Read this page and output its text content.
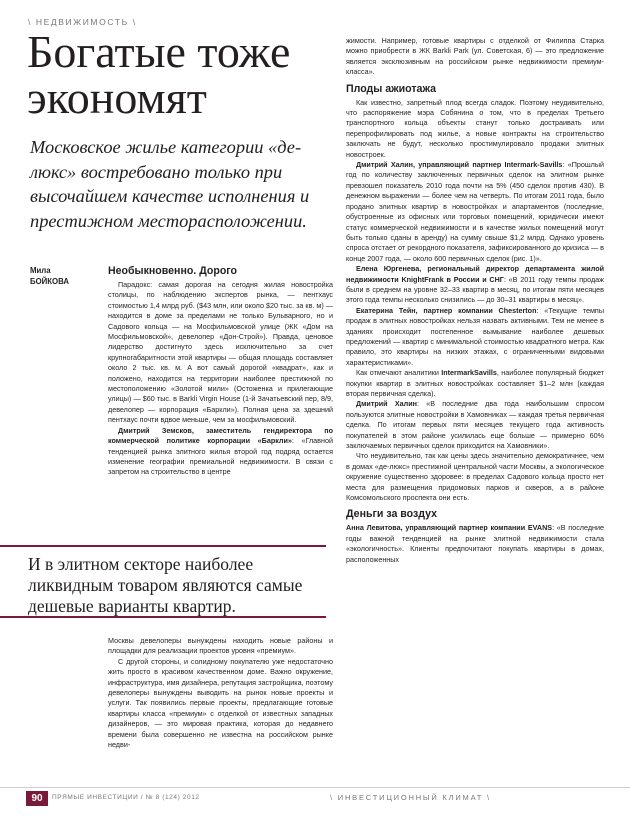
\ НЕДВИЖИМОСТЬ \
Богатые тоже
экономят
Московское жилье категории «де-люкс» востребовано только при высочайшем качестве исполнения и престижном месторасположении.
Мила
БОЙКОВА
Необыкновенно. Дорого

Парадокс: самая дорогая на сегодня жилая новостройка столицы, по наблюдению экспертов рынка, — пентхаус стоимостью 1,4 млрд руб. ($43 млн, или около $20 тыс. за кв. м) — находится в доме за пределами не только Бульварного, но и Садового кольца — на Мосфильмовской улице (ЖК «Дом на Мосфильмовской», девелопер «Дон-Строй»). Правда, ценовое лидерство достигнуто здесь исключительно за счет крупногабаритности этой квартиры — общая площадь составляет около 2 тыс. кв. м. А вот самый дорогой «квадрат», как и положено, находится на территории наиболее престижной по местоположению «Золотой мили» (Остоженка и прилегающие улицы) — $60 тыс. в Barkli Virgin House (1-й Зачатьевский пер, 8/9, девелопер — корпорация «Баркли»). Полная цена за здешний пентхаус почти вдвое меньше, чем за мосфильмовский.

Дмитрий Земсков, заместитель гендиректора по коммерческой политике корпорации «Баркли»: «Главной тенденцией рынка элитного жилья второй год подряд остается изменение географии премиальной недвижимости. В связи с запретом на строительство в центре

И в элитном секторе наиболее ликвидным товаром являются самые дешевые варианты квартир.

Москвы девелоперы вынуждены находить новые районы и площадки для реализации проектов уровня «премиум».

С другой стороны, и солидному покупателю уже недостаточно жить просто в красивом качественном доме. Важно окружение, инфраструктура, имя дизайнера, репутация застройщика, поэтому девелоперы вынуждены выводить на рынок новые проекты и услуги. Так появились первые проекты, предлагающие готовые квартиры класса «премиум» с отделкой от известных западных дизайнеров, — это мировая практика, которая до недавнего времени была совершенно не известна на российском рынке недви-

жимости. Например, готовые квартиры с отделкой от Филиппа Старка можно приобрести в ЖК Barkli Park (ул. Советская, 6) — это предложение является эксклюзивным на российском рынке недвижимости премиум-класса».

Плоды ажиотажа

Как известно, запретный плод всегда сладок. Поэтому неудивительно, что распоряжение мэра Собянина о том, что в пределах Третьего транспортного кольца объекты станут только достраивать или перепрофилировать под жилье, а новые контракты на строительство заключать не будут, несколько простимулировало продажи элитных новостроек.

Дмитрий Халин, управляющий партнер Intermark-Savills: «Прошлый год по количеству заключенных первичных сделок на элитном рынке превзошел показатель 2010 года почти на 5% (450 сделок против 430). В денежном выражении — более чем на четверть. По итогам 2011 года, было продано элитных квартир в новостройках и апартаментов (последние, обустроенные из офисных или торговых помещений, юридически имеют статус коммерческой недвижимости и в качестве жилых помещений могут быть только сданы в аренду) на сумму свыше $1,2 млрд. Однако уровень спроса отстает от рекордного показателя, зафиксированного до кризиса — в конце 2007 года, — около 600 первичных сделок (рис. 1)».

Елена Юргенева, региональный директор департамента жилой недвижимости KnightFrank в России и СНГ: «В 2011 году темпы продаж были в среднем на уровне 32–33 квартир в месяц, по итогам пяти месяцев этого года темпы несколько снизились — до 30–31 квартиры в месяц».

Екатерина Тейн, партнер компании Chesterton: «Текущие темпы продаж в элитных новостройках нельзя назвать активными. Тем не менее в зданиях происходит постепенное вымывание наиболее дешевых предложений — квартир с минимальной стоимостью квадратного метра. Как правило, это квартиры на низких этажах, с ограниченными видовыми характеристиками».

Как отмечают аналитики IntermarkSavills, наиболее популярный бюджет покупки квартир в элитных новостройках составляет $1–2 млн (каждая вторая первичная сделка).

Дмитрий Халин: «В последние два года наибольшим спросом пользуются элитные новостройки в Хамовниках — каждая третья первичная сделка. По итогам первых пяти месяцев текущего года активность покупателей в этом районе усилилась еще больше — примерно 60% заключаемых первичных сделок приходится на Хамовники».

Что неудивительно, так как цены здесь значительно демократичнее, чем в домах «де-люкс» престижной центральной части Москвы, а экологическое окружение существенно здоровее: в пределах Садового кольца просто нет места для размещения придомовых парков и скверов, а в районе Комсомольского проспекта они есть.

Деньги за воздух

Анна Левитова, управляющий партнер компании EVANS: «В последние годы важной тенденцией на рынке элитной недвижимости стала «экологичность». Клиенты предпочитают покупать квартиры в домах, расположенных

90	ПРЯМЫЕ ИНВЕСТИЦИИ / № 8 (124) 2012	\ ИНВЕСТИЦИОННЫЙ КЛИМАТ \
